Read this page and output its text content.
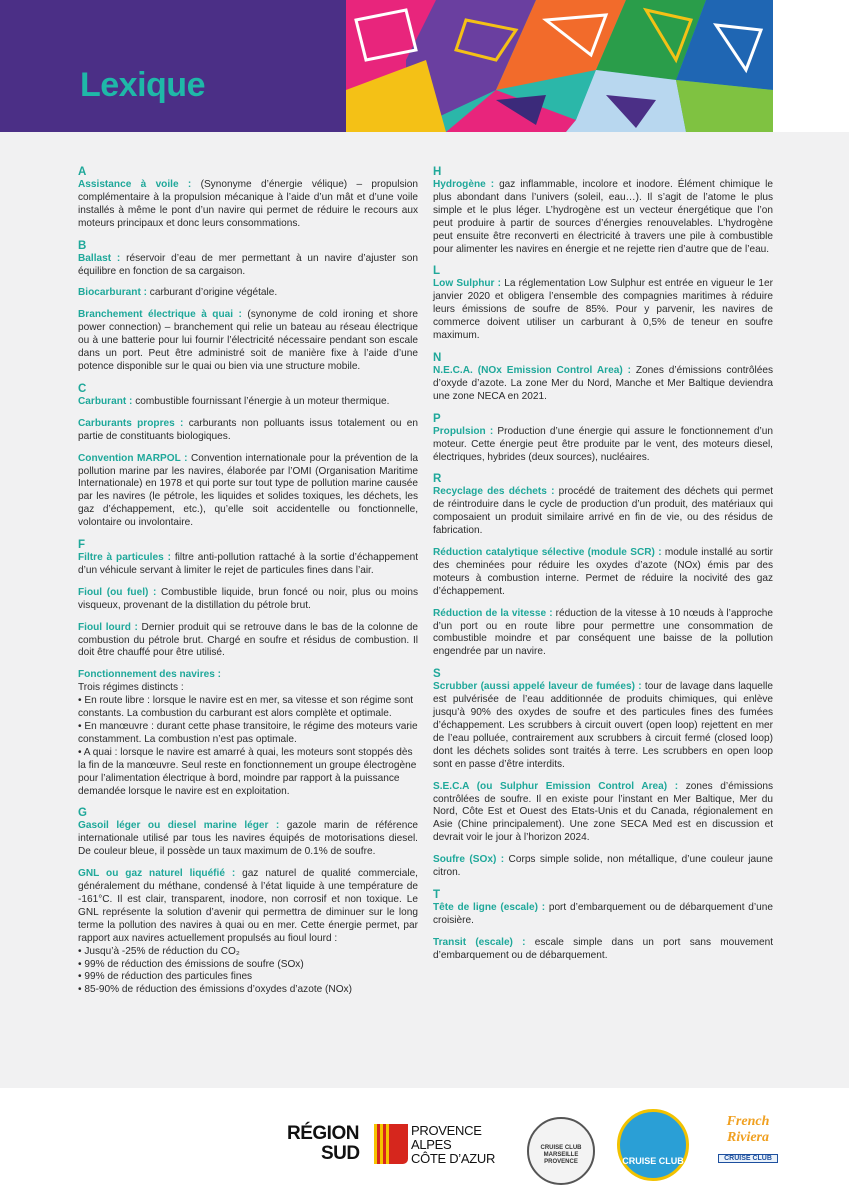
Lexique
A
Assistance à voile : (Synonyme d’énergie vélique) – propulsion complémentaire à la propulsion mécanique à l’aide d’un mât et d’une voile installés à même le pont d’un navire qui permet de réduire le recours aux moteurs principaux et donc leurs consommations.
B
Ballast : réservoir d’eau de mer permettant à un navire d’ajuster son équilibre en fonction de sa cargaison.
Biocarburant : carburant d’origine végétale.
Branchement électrique à quai : (synonyme de cold ironing et shore power connection) – branchement qui relie un bateau au réseau électrique ou à une batterie pour lui fournir l’électricité nécessaire pendant son escale dans un port. Peut être administré soit de manière fixe à l’aide d’une potence disponible sur le quai ou bien via une structure mobile.
C
Carburant : combustible fournissant l’énergie à un moteur thermique.
Carburants propres : carburants non polluants issus totalement ou en partie de constituants biologiques.
Convention MARPOL : Convention internationale pour la prévention de la pollution marine par les navires, élaborée par l’OMI (Organisation Maritime Internationale) en 1978 et qui porte sur tout type de pollution marine causée par les navires (le pétrole, les liquides et solides toxiques, les déchets, les gaz d’échappement, etc.), qu’elle soit accidentelle ou fonctionnelle, volontaire ou involontaire.
F
Filtre à particules : filtre anti-pollution rattaché à la sortie d’échappement d’un véhicule servant à limiter le rejet de particules fines dans l’air.
Fioul (ou fuel) : Combustible liquide, brun foncé ou noir, plus ou moins visqueux, provenant de la distillation du pétrole brut.
Fioul lourd : Dernier produit qui se retrouve dans le bas de la colonne de combustion du pétrole brut. Chargé en soufre et résidus de combustion. Il doit être chauffé pour être utilisé.
Fonctionnement des navires :
Trois régimes distincts :
• En route libre : lorsque le navire est en mer, sa vitesse et son régime sont constants. La combustion du carburant est alors complète et optimale.
• En manœuvre : durant cette phase transitoire, le régime des moteurs varie constamment. La combustion n’est pas optimale.
• A quai : lorsque le navire est amarré à quai, les moteurs sont stoppés dès la fin de la manœuvre. Seul reste en fonctionnement un groupe électrogène pour l’alimentation électrique à bord, moindre par rapport à la puissance demandée lorsque le navire est en exploitation.
G
Gasoil léger ou diesel marine léger : gazole marin de référence internationale utilisé par tous les navires équipés de motorisations diesel. De couleur bleue, il possède un taux maximum de 0.1% de soufre.
GNL ou gaz naturel liquéfié : gaz naturel de qualité commerciale, généralement du méthane, condensé à l’état liquide à une température de -161°C. Il est clair, transparent, inodore, non corrosif et non toxique. Le GNL représente la solution d’avenir qui permettra de diminuer sur le long terme la pollution des navires à quai ou en mer. Cette énergie permet, par rapport aux navires actuellement propulsés au fioul lourd :
• Jusqu’à -25% de réduction du CO₂
• 99% de réduction des émissions de soufre (SOx)
• 99% de réduction des particules fines
• 85-90% de réduction des émissions d’oxydes d’azote (NOx)
H
Hydrogène : gaz inflammable, incolore et inodore. Élément chimique le plus abondant dans l’univers (soleil, eau…). Il s’agit de l’atome le plus simple et le plus léger. L’hydrogène est un vecteur énergétique que l’on peut produire à partir de sources d’énergies renouvelables. L’hydrogène peut ensuite être reconverti en électricité à travers une pile à combustible pour alimenter les navires en énergie et ne rejette rien d’autre que de l’eau.
L
Low Sulphur : La réglementation Low Sulphur est entrée en vigueur le 1er janvier 2020 et obligera l’ensemble des compagnies maritimes à réduire leurs émissions de soufre de 85%. Pour y parvenir, les navires de commerce doivent utiliser un carburant à 0,5% de teneur en soufre maximum.
N
N.E.C.A. (NOx Emission Control Area) : Zones d’émissions contrôlées d’oxyde d’azote. La zone Mer du Nord, Manche et Mer Baltique deviendra une zone NECA en 2021.
P
Propulsion : Production d’une énergie qui assure le fonctionnement d’un moteur. Cette énergie peut être produite par le vent, des moteurs diesel, électriques, hybrides (deux sources), nucléaires.
R
Recyclage des déchets : procédé de traitement des déchets qui permet de réintroduire dans le cycle de production d’un produit, des matériaux qui composaient un produit similaire arrivé en fin de vie, ou des résidus de fabrication.
Réduction catalytique sélective (module SCR) : module installé au sortir des cheminées pour réduire les oxydes d’azote (NOx) émis par des moteurs à combustion interne. Permet de réduire la nocivité des gaz d’échappement.
Réduction de la vitesse : réduction de la vitesse à 10 nœuds à l’approche d’un port ou en route libre pour permettre une consommation de combustible moindre et par conséquent une baisse de la pollution engendrée par un navire.
S
Scrubber (aussi appelé laveur de fumées) : tour de lavage dans laquelle est pulvérisée de l’eau additionnée de produits chimiques, qui enlève jusqu’à 90% des oxydes de soufre et des particules fines des fumées d’échappement. Les scrubbers à circuit ouvert (open loop) rejettent en mer de l’eau polluée, contrairement aux scrubbers à circuit fermé (closed loop) dont les déchets solides sont traités à terre. Les scrubbers en open loop sont en passe d’être interdits.
S.E.C.A (ou Sulphur Emission Control Area) : zones d’émissions contrôlées de soufre. Il en existe pour l’instant en Mer Baltique, Mer du Nord, Côte Est et Ouest des Etats-Unis et du Canada, régionalement en Asie (Chine principalement). Une zone SECA Med est en discussion et devrait voir le jour à l’horizon 2024.
Soufre (SOx) : Corps simple solide, non métallique, d’une couleur jaune citron.
T
Tête de ligne (escale) : port d’embarquement ou de débarquement d’une croisière.
Transit (escale) : escale simple dans un port sans mouvement d’embarquement ou de débarquement.
RÉGION
SUD
PROVENCE
ALPES
CÔTE D’AZUR
CRUISE CLUB MARSEILLE PROVENCE	CRUISE CLUB
French
Riviera
CRUISE CLUB
